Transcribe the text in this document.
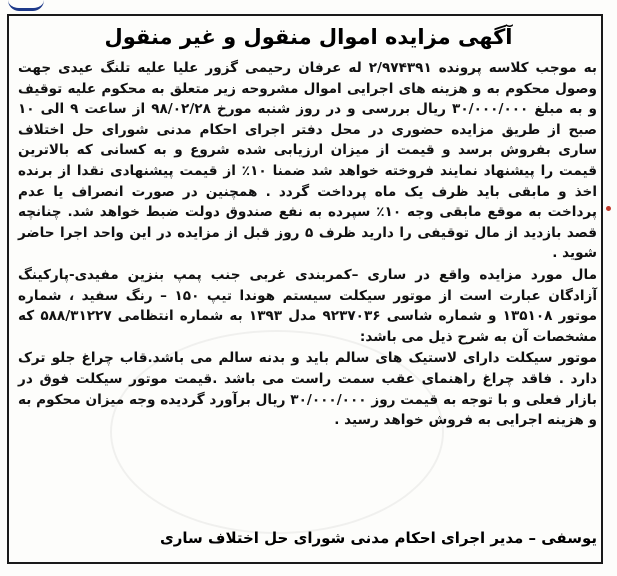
آگهی مزایده اموال منقول و غیر منقول

به موجب کلاسه پرونده ۲/۹۷۴۳۹۱ له عرفان رحیمی گزور علیا علیه تلنگ عیدی جهت وصول محکوم به و هزینه های اجرایی اموال مشروحه زیر متعلق به محکوم علیه توقیف و به مبلغ ۳۰/۰۰۰/۰۰۰ ریال بررسی و در روز شنبه مورخ ۹۸/۰۲/۲۸ از ساعت ۹ الی ۱۰ صبح از طریق مزایده حضوری در محل دفتر اجرای احکام مدنی شورای حل اختلاف ساری بفروش برسد و قیمت از میزان ارزیابی شده شروع و به کسانی که بالاترین قیمت را پیشنهاد نمایند فروخته خواهد شد ضمنا ۱۰٪ از قیمت پیشنهادی نقدا از برنده اخذ و مابقی باید ظرف یک ماه پرداخت گردد . همچنین در صورت انصراف یا عدم پرداخت به موقع مابقی وجه ۱۰٪ سپرده به نفع صندوق دولت ضبط خواهد شد. چنانچه قصد بازدید از مال توقیفی را دارید ظرف ۵ روز قبل از مزایده در این واحد اجرا حاضر شوید .

مال مورد مزایده واقع در ساری –کمربندی غربی جنب پمپ بنزین مفیدی-پارکینگ آزادگان عبارت است از موتور سیکلت سیستم هوندا تیپ ۱۵۰ – رنگ سفید ، شماره موتور ۱۳۵۱۰۸ و شماره شاسی ۹۲۳۷۰۳۶ مدل ۱۳۹۳ به شماره انتظامی ۵۸۸/۳۱۲۲۷ که مشخصات آن به شرح ذیل می باشد:

موتور سیکلت دارای لاستیک های سالم باید و بدنه سالم می باشد.قاب چراغ جلو ترک دارد . فاقد چراغ راهنمای عقب سمت راست می باشد .قیمت موتور سیکلت فوق در بازار فعلی و با توجه به قیمت روز ۳۰/۰۰۰/۰۰۰ ریال برآورد گردیده وجه میزان محکوم به و هزینه اجرایی به فروش خواهد رسید .

یوسفی – مدیر اجرای احکام مدنی شورای حل اختلاف ساری
